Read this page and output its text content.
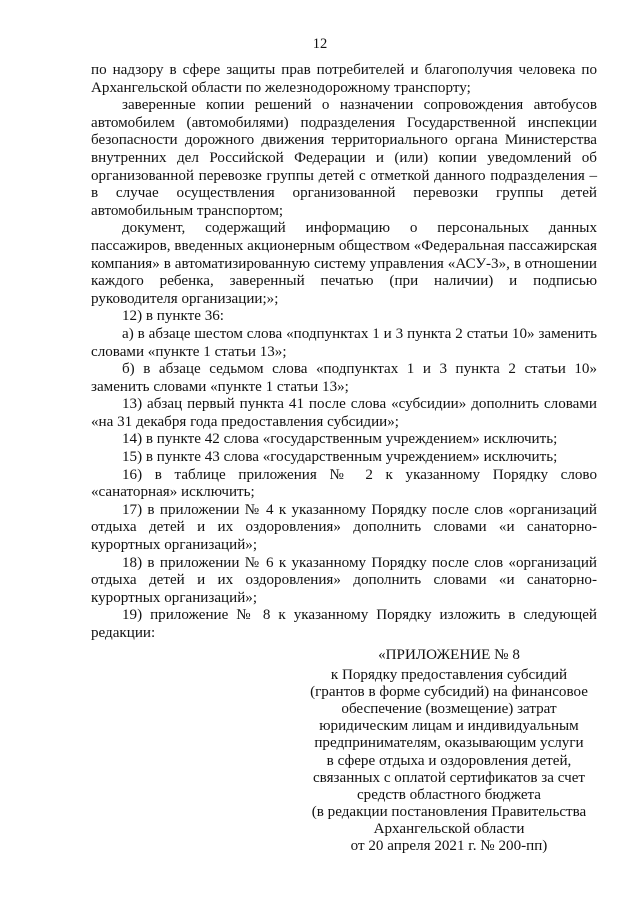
12

по надзору в сфере защиты прав потребителей и благополучия человека по Архангельской области по железнодорожному транспорту;

заверенные копии решений о назначении сопровождения автобусов автомобилем (автомобилями) подразделения Государственной инспекции безопасности дорожного движения территориального органа Министерства внутренних дел Российской Федерации и (или) копии уведомлений об организованной перевозке группы детей с отметкой данного подразделения – в случае осуществления организованной перевозки группы детей автомобильным транспортом;

документ, содержащий информацию о персональных данных пассажиров, введенных акционерным обществом «Федеральная пассажирская компания» в автоматизированную систему управления «АСУ-3», в отношении каждого ребенка, заверенный печатью (при наличии) и подписью руководителя организации;»;

12) в пункте 36:

а) в абзаце шестом слова «подпунктах 1 и 3 пункта 2 статьи 10» заменить словами «пункте 1 статьи 13»;

б) в абзаце седьмом слова «подпунктах 1 и 3 пункта 2 статьи 10» заменить словами «пункте 1 статьи 13»;

13) абзац первый пункта 41 после слова «субсидии» дополнить словами «на 31 декабря года предоставления субсидии»;

14) в пункте 42 слова «государственным учреждением» исключить;

15) в пункте 43 слова «государственным учреждением» исключить;

16) в таблице приложения № 2 к указанному Порядку слово «санаторная» исключить;

17) в приложении № 4 к указанному Порядку после слов «организаций отдыха детей и их оздоровления» дополнить словами «и санаторно-курортных организаций»;

18) в приложении № 6 к указанному Порядку после слов «организаций отдыха детей и их оздоровления» дополнить словами «и санаторно-курортных организаций»;

19) приложение № 8 к указанному Порядку изложить в следующей редакции:

«ПРИЛОЖЕНИЕ № 8
к Порядку предоставления субсидий
(грантов в форме субсидий) на финансовое
обеспечение (возмещение) затрат
юридическим лицам и индивидуальным
предпринимателям, оказывающим услуги
в сфере отдыха и оздоровления детей,
связанных с оплатой сертификатов за счет
средств областного бюджета
(в редакции постановления Правительства
Архангельской области
от 20 апреля 2021 г. № 200-пп)
